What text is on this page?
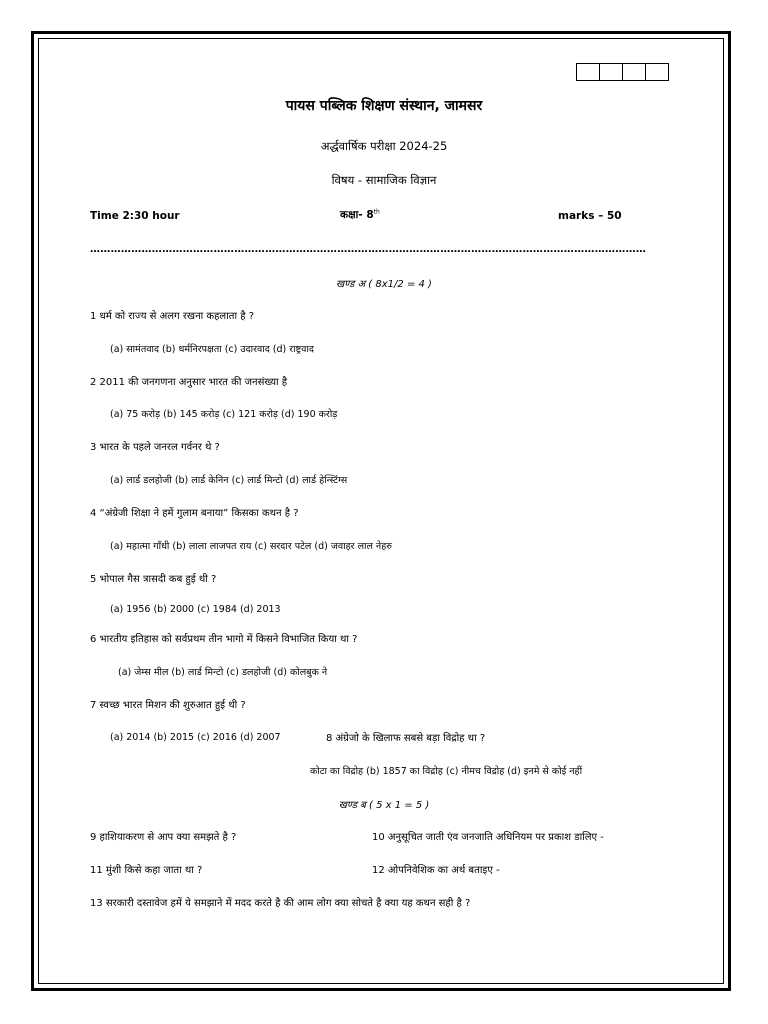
पायस पब्लिक शिक्षण संस्थान, जामसर
अर्द्धवार्षिक परीक्षा 2024-25
विषय - सामाजिक विज्ञान
Time 2:30 hour	कक्षा- 8th	marks – 50
………………………………………………………………………………………………………………………………………………
खण्ड अ ( 8x1/2 = 4 )
1 धर्म को राज्य से अलग रखना कहलाता है ?
(a) सामंतवाद (b) धर्मनिरपक्षता (c) उदारवाद (d) राष्ट्रवाद
2 2011 की जनगणना अनुसार भारत की जनसंख्या है
(a) 75 करोड़ (b) 145 करोड़ (c) 121 करोड़ (d) 190 करोड़
3 भारत के पहले जनरल गर्वनर थे ?
(a) लार्ड डलहोजी (b) लार्ड केनिन (c) लार्ड मिन्टो (d) लार्ड हेन्स्टिंग्स
4 “अंग्रेजी शिक्षा ने हमें गुलाम बनाया” किसका कथन है ?
(a) महात्मा गाँधी (b) लाला लाजपत राय (c) सरदार पटेल (d) जवाहर लाल नेहरु
5 भोपाल गैस त्रासदी कब हुई थी ?
(a) 1956 (b) 2000 (c) 1984 (d) 2013
6 भारतीय इतिहास को सर्वप्रथम तीन भागो में किसने विभाजित किया था ?
(a) जेम्स मील (b) लार्ड मिन्टो (c) डलहोजी (d) कोलबुक ने
7 स्वच्छ भारत मिशन की शुरुआत हुई थी ?
(a) 2014 (b) 2015 (c) 2016 (d) 2007	8 अंग्रेजो के खिलाफ सबसे बड़ा विद्रोह था ?
कोटा का विद्रोह (b) 1857 का विद्रोह (c) नीमच विद्रोह (d) इनमे से कोई नहीं
खण्ड ब ( 5 x 1 = 5 )
9 हाशियाकरण से आप क्या समझते है ?	10 अनुसूचित जाती एंव जनजाति अधिनियम पर प्रकाश डालिए -
11 मुंशी किसे कहा जाता था ?	12 ओपनिवेशिक का अर्थ बताइए -
13 सरकारी दस्तावेज हमें ये समझाने में मदद करते है की आम लोग क्या सोचते है क्या यह कथन सही है ?
